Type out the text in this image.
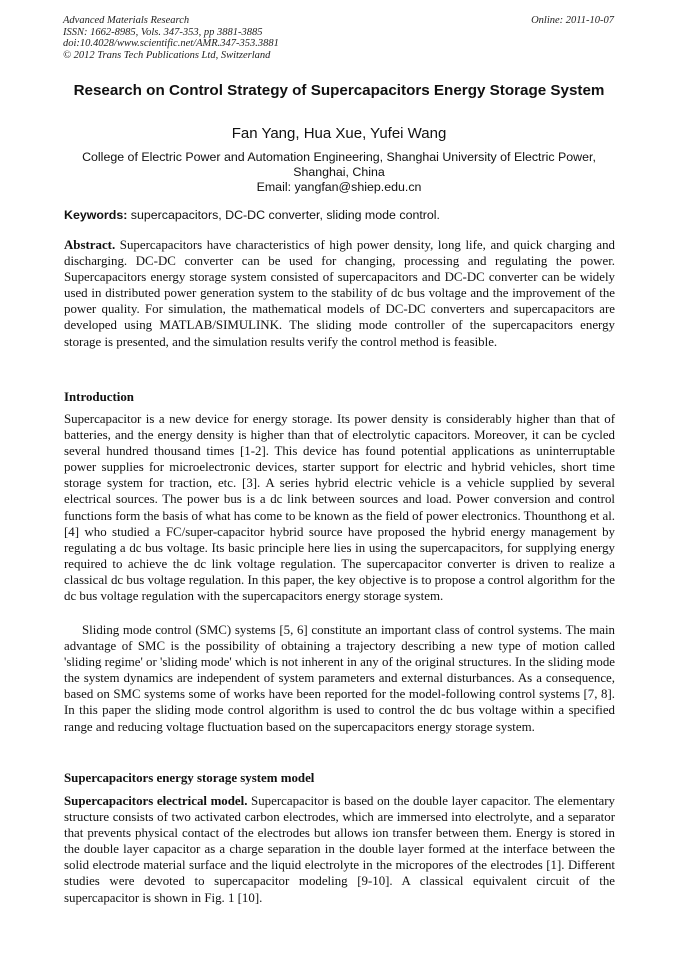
Advanced Materials Research
ISSN: 1662-8985, Vols. 347-353, pp 3881-3885
doi:10.4028/www.scientific.net/AMR.347-353.3881
© 2012 Trans Tech Publications Ltd, Switzerland
Online: 2011-10-07
Research on Control Strategy of Supercapacitors Energy Storage System
Fan Yang, Hua Xue, Yufei Wang
College of Electric Power and Automation Engineering, Shanghai University of Electric Power,
Shanghai, China
Email: yangfan@shiep.edu.cn
Keywords: supercapacitors, DC-DC converter, sliding mode control.
Abstract. Supercapacitors have characteristics of high power density, long life, and quick charging and discharging. DC-DC converter can be used for changing, processing and regulating the power. Supercapacitors energy storage system consisted of supercapacitors and DC-DC converter can be widely used in distributed power generation system to the stability of dc bus voltage and the improvement of the power quality. For simulation, the mathematical models of DC-DC converters and supercapacitors are developed using MATLAB/SIMULINK. The sliding mode controller of the supercapacitors energy storage is presented, and the simulation results verify the control method is feasible.
Introduction
Supercapacitor is a new device for energy storage. Its power density is considerably higher than that of batteries, and the energy density is higher than that of electrolytic capacitors. Moreover, it can be cycled several hundred thousand times [1-2]. This device has found potential applications as uninterruptable power supplies for microelectronic devices, starter support for electric and hybrid vehicles, short time storage system for traction, etc. [3]. A series hybrid electric vehicle is a vehicle supplied by several electrical sources. The power bus is a dc link between sources and load. Power conversion and control functions form the basis of what has come to be known as the field of power electronics. Thounthong et al. [4] who studied a FC/super-capacitor hybrid source have proposed the hybrid energy management by regulating a dc bus voltage. Its basic principle here lies in using the supercapacitors, for supplying energy required to achieve the dc link voltage regulation. The supercapacitor converter is driven to realize a classical dc bus voltage regulation. In this paper, the key objective is to propose a control algorithm for the dc bus voltage regulation with the supercapacitors energy storage system.
Sliding mode control (SMC) systems [5, 6] constitute an important class of control systems. The main advantage of SMC is the possibility of obtaining a trajectory describing a new type of motion called 'sliding regime' or 'sliding mode' which is not inherent in any of the original structures. In the sliding mode the system dynamics are independent of system parameters and external disturbances. As a consequence, based on SMC systems some of works have been reported for the model-following control systems [7, 8]. In this paper the sliding mode control algorithm is used to control the dc bus voltage within a specified range and reducing voltage fluctuation based on the supercapacitors energy storage system.
Supercapacitors energy storage system model
Supercapacitors electrical model. Supercapacitor is based on the double layer capacitor. The elementary structure consists of two activated carbon electrodes, which are immersed into electrolyte, and a separator that prevents physical contact of the electrodes but allows ion transfer between them. Energy is stored in the double layer capacitor as a charge separation in the double layer formed at the interface between the solid electrode material surface and the liquid electrolyte in the micropores of the electrodes [1]. Different studies were devoted to supercapacitor modeling [9-10]. A classical equivalent circuit of the supercapacitor is shown in Fig. 1 [10].
